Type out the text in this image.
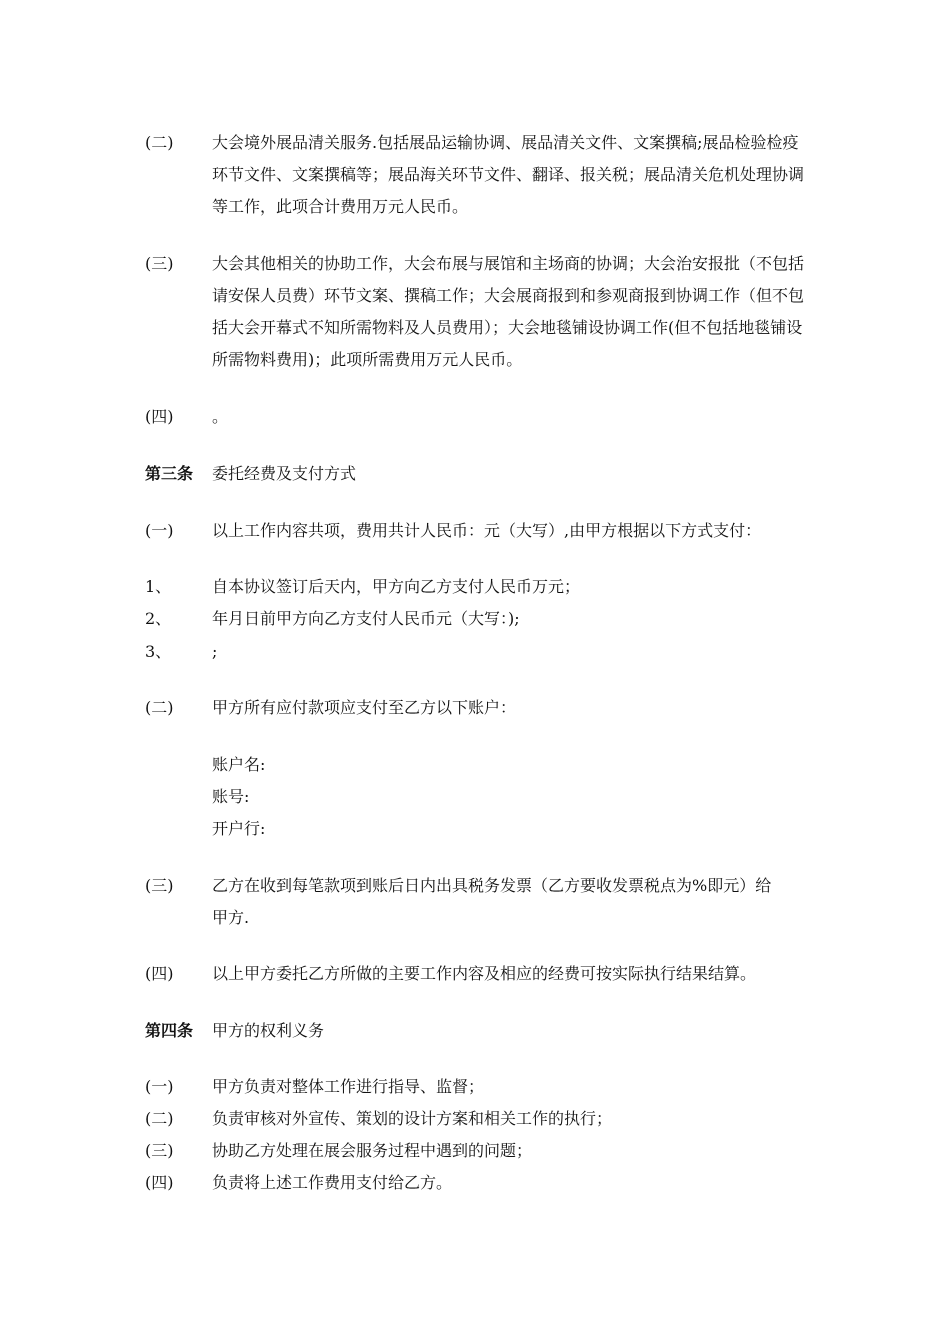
(二) 大会境外展品清关服务.包括展品运输协调、展品清关文件、文案撰稿;展品检验检疫环节文件、文案撰稿等；展品海关环节文件、翻译、报关税；展品清关危机处理协调等工作，此项合计费用万元人民币。
(三) 大会其他相关的协助工作，大会布展与展馆和主场商的协调；大会治安报批（不包括请安保人员费）环节文案、撰稿工作；大会展商报到和参观商报到协调工作（但不包括大会开幕式不知所需物料及人员费用）；大会地毯铺设协调工作(但不包括地毯铺设所需物料费用)；此项所需费用万元人民币。
(四) 。
第三条 委托经费及支付方式
(一) 以上工作内容共项，费用共计人民币：元（大写）,由甲方根据以下方式支付：
1、	自本协议签订后天内，甲方向乙方支付人民币万元；
2、	年月日前甲方向乙方支付人民币元（大写：);
3、	;
(二) 甲方所有应付款项应支付至乙方以下账户：
账户名:
账号:
开户行:
(三) 乙方在收到每笔款项到账后日内出具税务发票（乙方要收发票税点为%即元）给甲方.
(四) 以上甲方委托乙方所做的主要工作内容及相应的经费可按实际执行结果结算。
第四条 甲方的权利义务
(一) 甲方负责对整体工作进行指导、监督；
(二) 负责审核对外宣传、策划的设计方案和相关工作的执行；
(三) 协助乙方处理在展会服务过程中遇到的问题；
(四) 负责将上述工作费用支付给乙方。
